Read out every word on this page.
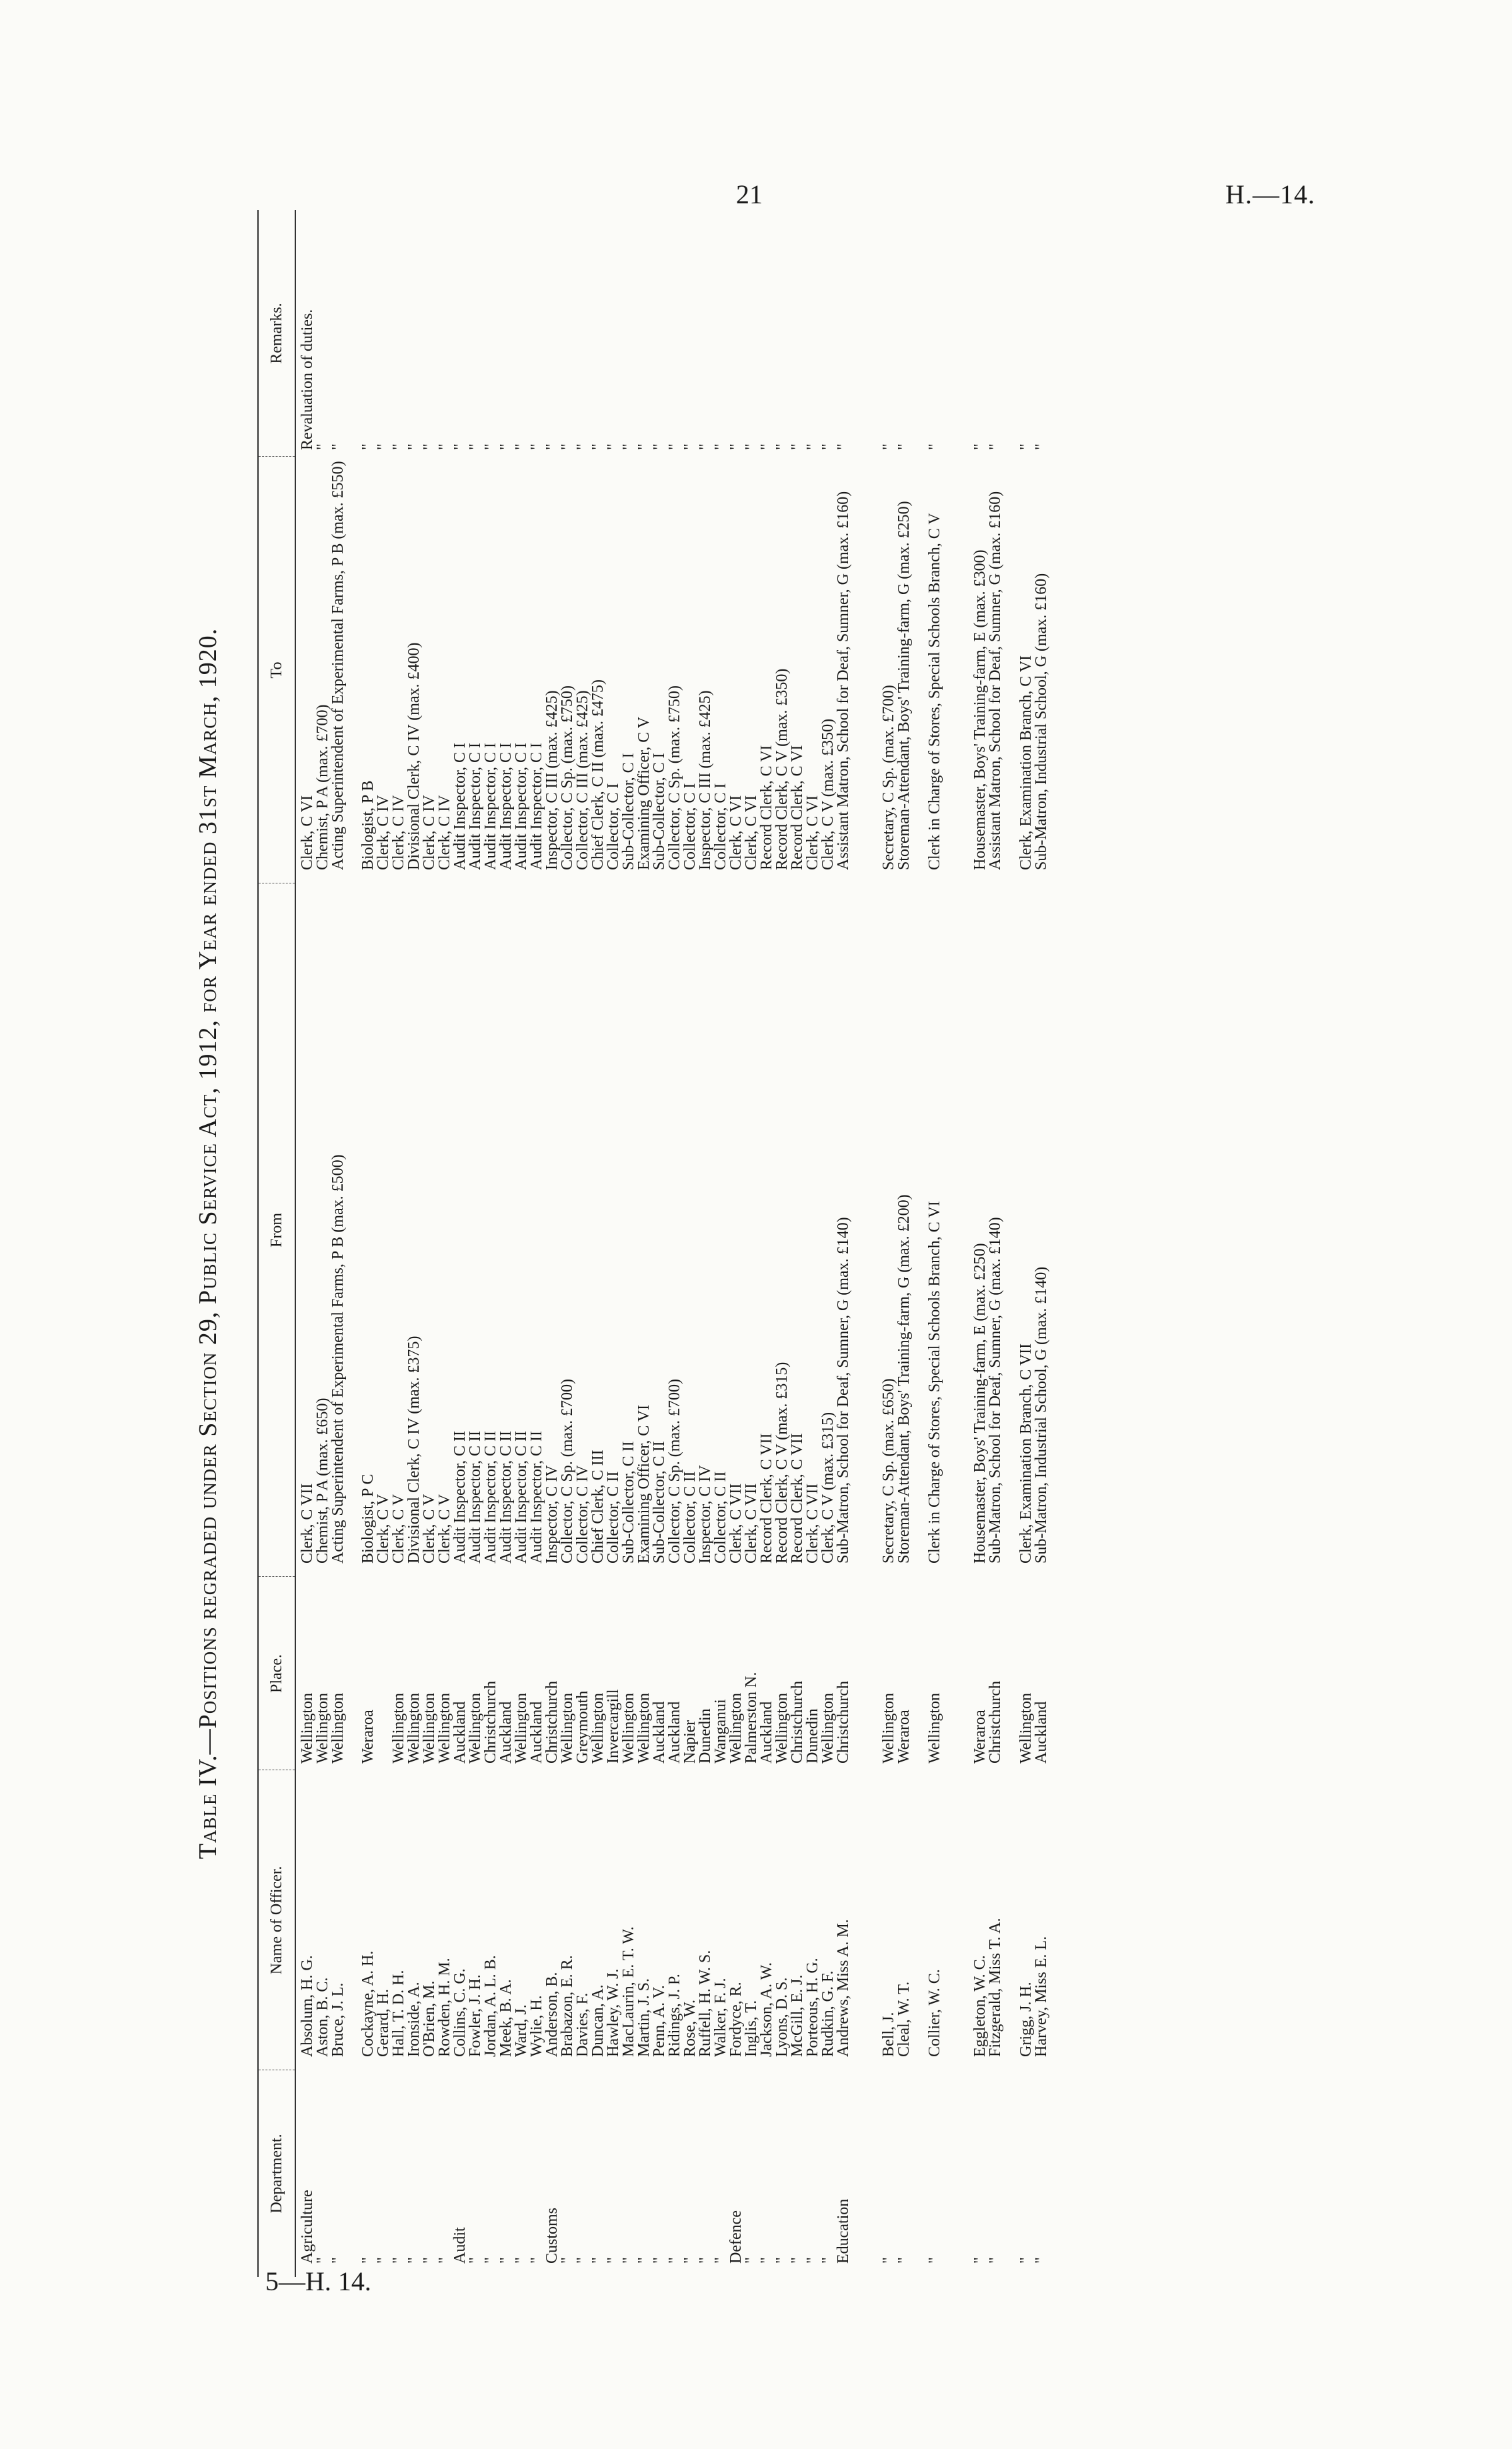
21	H.—14.
5—H. 14.
Table IV.—Positions regraded under Section 29, Public Service Act, 1912, for Year ended 31st March, 1920.
Department.
Name of Officer.
Place.
From
To
Remarks.
Agriculture
Absolum, H. G.
Wellington
Clerk, C VII
Clerk, C VI
Revaluation of duties.
"
Aston, B. C.
Wellington
Chemist, P A (max. £650)
Chemist, P A (max. £700)
"
"
Bruce, J. L.
Wellington
Acting Superintendent of Experimental Farms, P B (max. £500)
Acting Superintendent of Experimental Farms, P B (max. £550)
"
"
Cockayne, A. H.
Weraroa
Biologist, P C
Biologist, P B
"
"
Gerard, H.
Clerk, C V
Clerk, C IV
"
"
Hall, T. D. H.
Wellington
Clerk, C V
Clerk, C IV
"
"
Ironside, A.
Wellington
Divisional Clerk, C IV (max. £375)
Divisional Clerk, C IV (max. £400)
"
"
O'Brien, M.
Wellington
Clerk, C V
Clerk, C IV
"
"
Rowden, H. M.
Wellington
Clerk, C V
Clerk, C IV
"
Audit
Collins, C. G.
Auckland
Audit Inspector, C II
Audit Inspector, C I
"
"
Fowler, J. H.
Wellington
Audit Inspector, C II
Audit Inspector, C I
"
"
Jordan, A. L. B.
Christchurch
Audit Inspector, C II
Audit Inspector, C I
"
"
Meek, B. A.
Auckland
Audit Inspector, C II
Audit Inspector, C I
"
"
Ward, J.
Wellington
Audit Inspector, C II
Audit Inspector, C I
"
"
Wylie, H.
Auckland
Audit Inspector, C II
Audit Inspector, C I
"
Customs
Anderson, B.
Christchurch
Inspector, C IV
Inspector, C III (max. £425)
"
"
Brabazon, E. R.
Wellington
Collector, C Sp. (max. £700)
Collector, C Sp. (max. £750)
"
"
Davies, F.
Greymouth
Collector, C IV
Collector, C III (max. £425)
"
"
Duncan, A.
Wellington
Chief Clerk, C III
Chief Clerk, C II (max. £475)
"
"
Hawley, W. J.
Invercargill
Collector, C II
Collector, C I
"
"
MacLaurin, E. T. W.
Wellington
Sub-Collector, C II
Sub-Collector, C I
"
"
Martin, J. S.
Wellington
Examining Officer, C VI
Examining Officer, C V
"
"
Penn, A. V.
Auckland
Sub-Collector, C II
Sub-Collector, C I
"
"
Ridings, J. P.
Auckland
Collector, C Sp. (max. £700)
Collector, C Sp. (max. £750)
"
"
Rose, W.
Napier
Collector, C II
Collector, C I
"
"
Ruffell, H. W. S.
Dunedin
Inspector, C IV
Inspector, C III (max. £425)
"
"
Walker, F. J.
Wanganui
Collector, C II
Collector, C I
"
Defence
Fordyce, R.
Wellington
Clerk, C VII
Clerk, C VI
"
"
Inglis, T.
Palmerston N.
Clerk, C VII
Clerk, C VI
"
"
Jackson, A. W.
Auckland
Record Clerk, C VII
Record Clerk, C VI
"
"
Lyons, D. S.
Wellington
Record Clerk, C V (max. £315)
Record Clerk, C V (max. £350)
"
"
McGill, E. J.
Christchurch
Record Clerk, C VII
Record Clerk, C VI
"
"
Porteous, H. G.
Dunedin
Clerk, C VII
Clerk, C VI
"
"
Rudkin, G. F.
Wellington
Clerk, C V (max. £315)
Clerk, C V (max. £350)
"
Education
Andrews, Miss A. M.
Christchurch
Sub-Matron, School for Deaf, Sumner, G (max. £140)
Assistant Matron, School for Deaf, Sumner, G (max. £160)
"
"
Bell, J.
Wellington
Secretary, C Sp. (max. £650)
Secretary, C Sp. (max. £700)
"
"
Cleal, W. T.
Weraroa
Storeman-Attendant, Boys' Training-farm, G (max. £200)
Storeman-Attendant, Boys' Training-farm, G (max. £250)
"
"
Collier, W. C.
Wellington
Clerk in Charge of Stores, Special Schools Branch, C VI
Clerk in Charge of Stores, Special Schools Branch, C V
"
"
Eggleton, W. C.
Weraroa
Housemaster, Boys' Training-farm, E (max. £250)
Housemaster, Boys' Training-farm, E (max. £300)
"
"
Fitzgerald, Miss T. A.
Christchurch
Sub-Matron, School for Deaf, Sumner, G (max. £140)
Assistant Matron, School for Deaf, Sumner, G (max. £160)
"
"
Grigg, J. H.
Wellington
Clerk, Examination Branch, C VII
Clerk, Examination Branch, C VI
"
"
Harvey, Miss E. L.
Auckland
Sub-Matron, Industrial School, G (max. £140)
Sub-Matron, Industrial School, G (max. £160)
"
